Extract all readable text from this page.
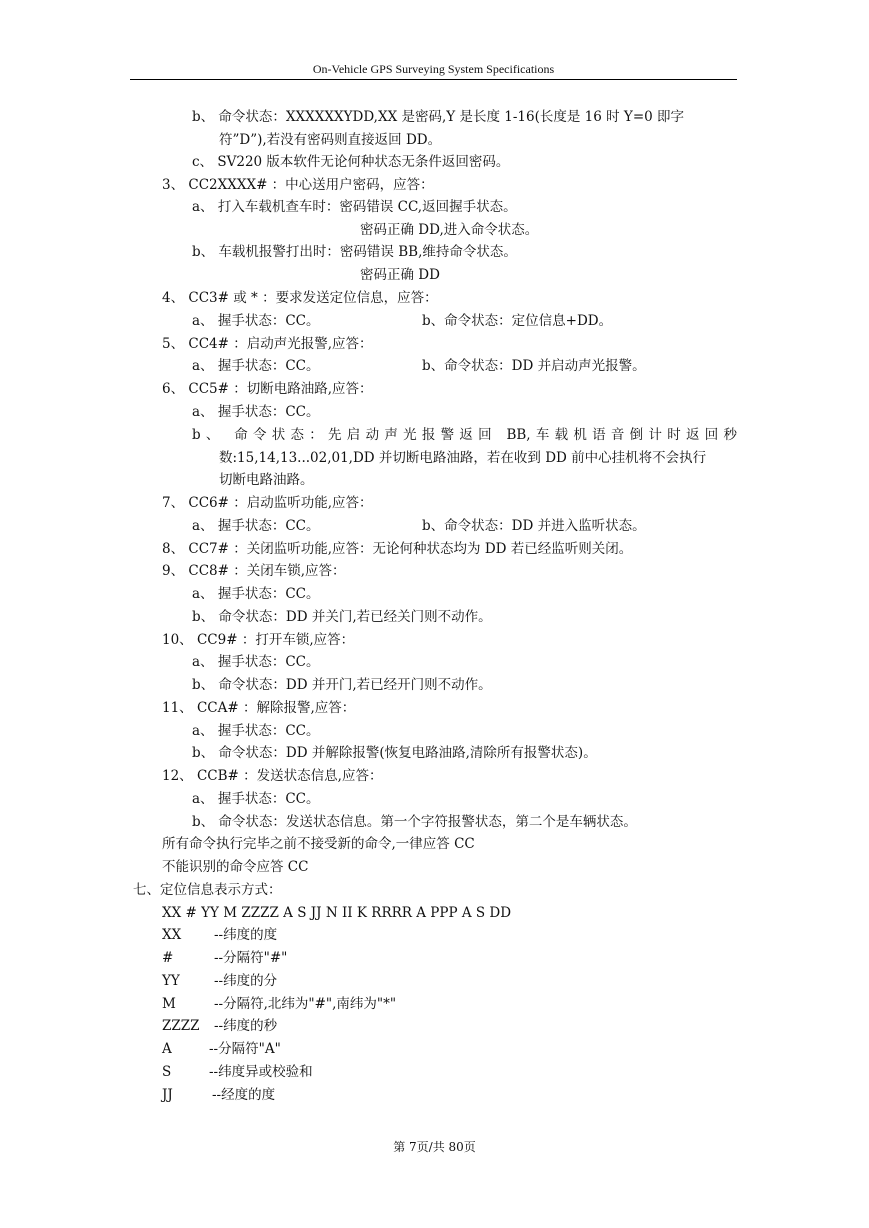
On-Vehicle GPS Surveying System Specifications
b、 命令状态：XXXXXXYDD,XX 是密码,Y 是长度 1-16(长度是 16 时 Y=0 即字
符”D”),若没有密码则直接返回 DD。
c、 SV220 版本软件无论何种状态无条件返回密码。
3、 CC2XXXX# ：中心送用户密码，应答：
a、 打入车载机查车时：密码错误 CC,返回握手状态。
密码正确 DD,进入命令状态。
b、 车载机报警打出时：密码错误 BB,维持命令状态。
密码正确 DD
4、 CC3# 或 * ：要求发送定位信息，应答：
a、 握手状态：CC。	b、命令状态：定位信息+DD。
5、 CC4# ：启动声光报警,应答：
a、 握手状态：CC。	b、命令状态：DD 并启动声光报警。
6、 CC5# ：切断电路油路,应答：
a、 握手状态：CC。
b、 命令状态：先启动声光报警返回 BB,车载机语音倒计时返回秒
数:15,14,13...02,01,DD 并切断电路油路，若在收到 DD 前中心挂机将不会执行
切断电路油路。
7、 CC6# ：启动监听功能,应答：
a、 握手状态：CC。	b、命令状态：DD 并进入监听状态。
8、 CC7# ：关闭监听功能,应答：无论何种状态均为 DD 若已经监听则关闭。
9、 CC8# ：关闭车锁,应答：
a、 握手状态：CC。
b、 命令状态：DD 并关门,若已经关门则不动作。
10、 CC9# ：打开车锁,应答：
a、 握手状态：CC。
b、 命令状态：DD 并开门,若已经开门则不动作。
11、 CCA# ：解除报警,应答：
a、 握手状态：CC。
b、 命令状态：DD 并解除报警(恢复电路油路,清除所有报警状态)。
12、 CCB# ：发送状态信息,应答：
a、 握手状态：CC。
b、 命令状态：发送状态信息。第一个字符报警状态，第二个是车辆状态。
所有命令执行完毕之前不接受新的命令,一律应答 CC
不能识别的命令应答 CC
七、定位信息表示方式：
XX # YY M ZZZZ A S JJ N II K RRRR A PPP A S DD
XX --纬度的度
#	--分隔符"#"
YY	--纬度的分
M	--分隔符,北纬为"#",南纬为"*"
ZZZZ --纬度的秒
A	--分隔符"A"
S	--纬度异或校验和
JJ	--经度的度
第 7页/共 80页
